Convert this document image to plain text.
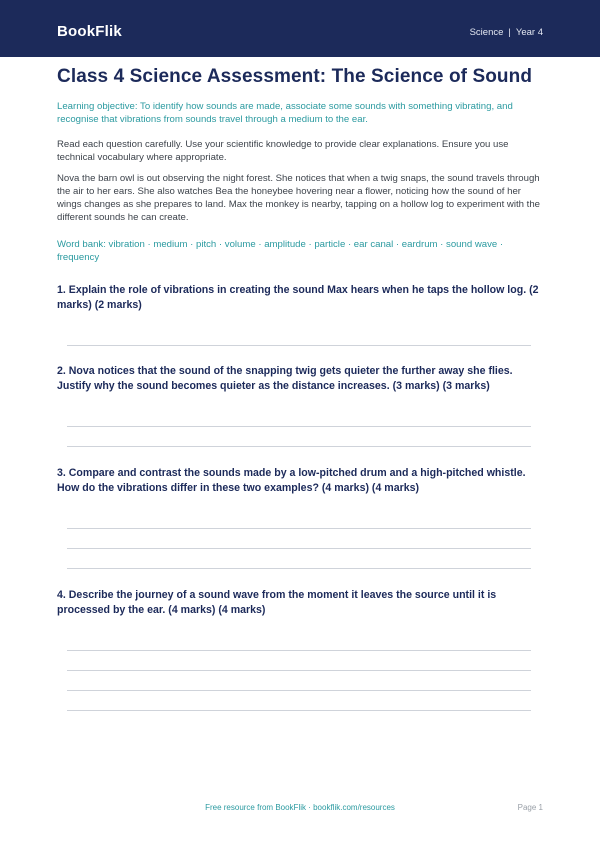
BookFlik	Science | Year 4
Class 4 Science Assessment: The Science of Sound
Learning objective: To identify how sounds are made, associate some sounds with something vibrating, and recognise that vibrations from sounds travel through a medium to the ear.
Read each question carefully. Use your scientific knowledge to provide clear explanations. Ensure you use technical vocabulary where appropriate.
Nova the barn owl is out observing the night forest. She notices that when a twig snaps, the sound travels through the air to her ears. She also watches Bea the honeybee hovering near a flower, noticing how the sound of her wings changes as she prepares to land. Max the monkey is nearby, tapping on a hollow log to experiment with the different sounds he can create.
Word bank: vibration · medium · pitch · volume · amplitude · particle · ear canal · eardrum · sound wave · frequency
1. Explain the role of vibrations in creating the sound Max hears when he taps the hollow log. (2 marks) (2 marks)
2. Nova notices that the sound of the snapping twig gets quieter the further away she flies. Justify why the sound becomes quieter as the distance increases. (3 marks) (3 marks)
3. Compare and contrast the sounds made by a low-pitched drum and a high-pitched whistle. How do the vibrations differ in these two examples? (4 marks) (4 marks)
4. Describe the journey of a sound wave from the moment it leaves the source until it is processed by the ear. (4 marks) (4 marks)
Free resource from BookFlik · bookflik.com/resources	Page 1
